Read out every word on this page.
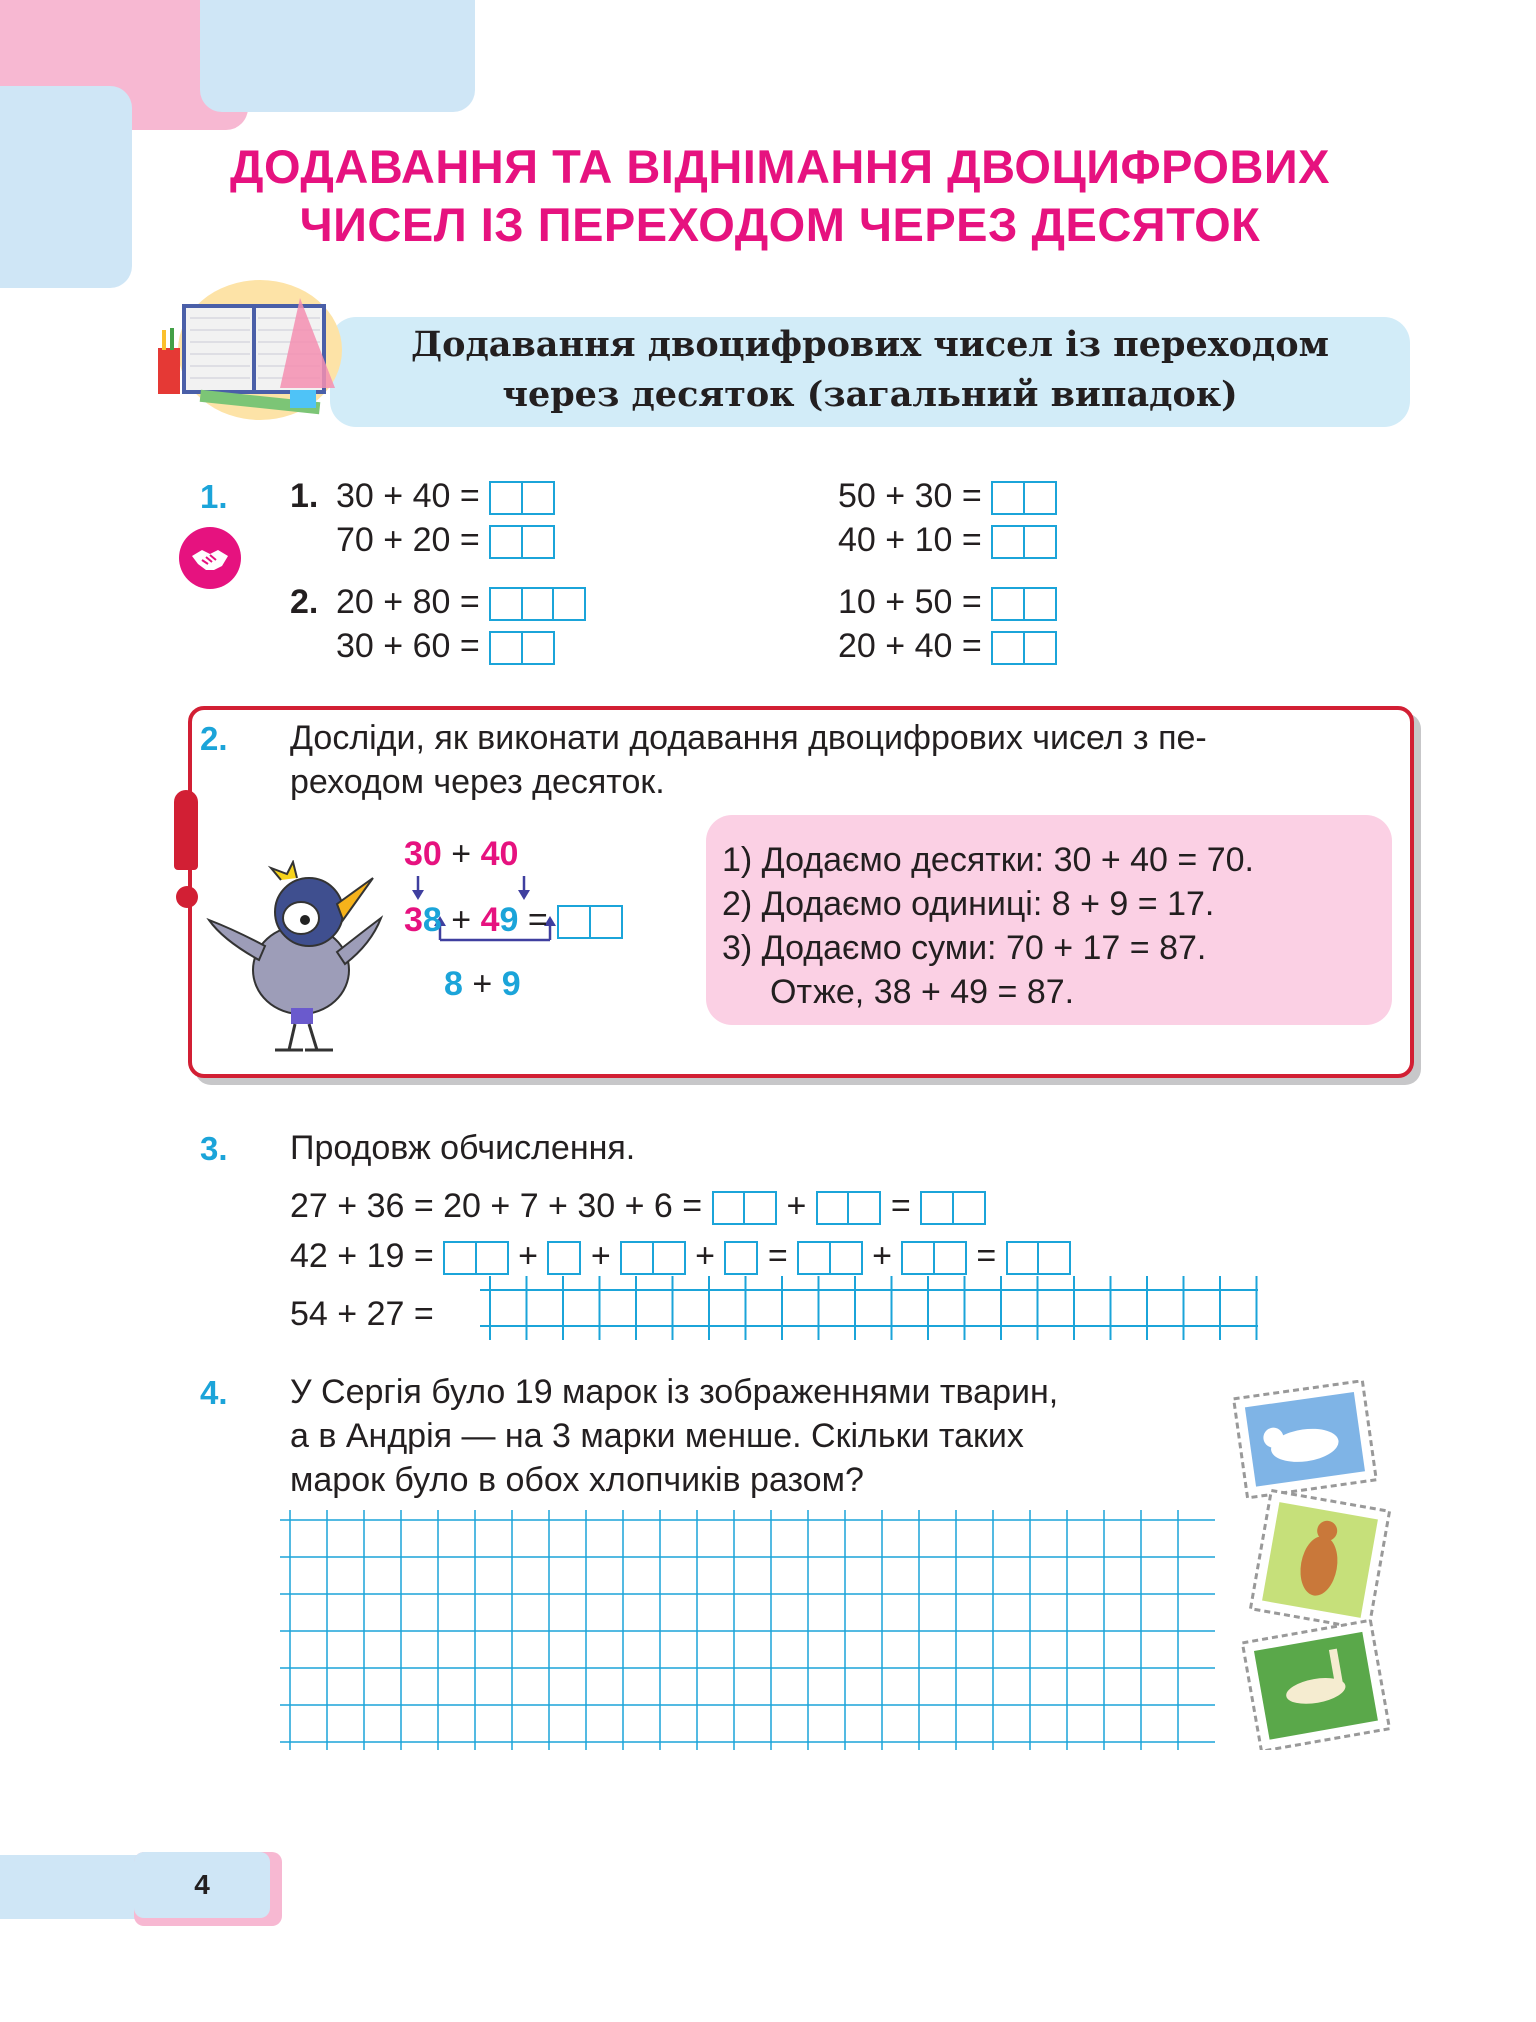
ДОДАВАННЯ ТА ВІДНІМАННЯ ДВОЦИФРОВИХ
ЧИСЕЛ ІЗ ПЕРЕХОДОМ ЧЕРЕЗ ДЕСЯТОК
Додавання двоцифрових чисел із переходом
через десяток (загальний випадок)
1. 1. 30 + 40 =
70 + 20 =
50 + 30 =
40 + 10 =
2. 20 + 80 =
30 + 60 =
10 + 50 =
20 + 40 =
2. Досліди, як виконати додавання двоцифрових чисел з пе-
реходом через десяток.
30 + 40
38 + 49 =
8 + 9
1) Додаємо десятки: 30 + 40 = 70.
2) Додаємо одиниці: 8 + 9 = 17.
3) Додаємо суми: 70 + 17 = 87.
Отже, 38 + 49 = 87.
3. Продовж обчислення.
27 + 36 = 20 + 7 + 30 + 6 = + =
42 + 19 = + + + = + =
54 + 27 =
4. У Сергія було 19 марок із зображеннями тварин,
а в Андрія — на 3 марки менше. Скільки таких
марок було в обох хлопчиків разом?
4
